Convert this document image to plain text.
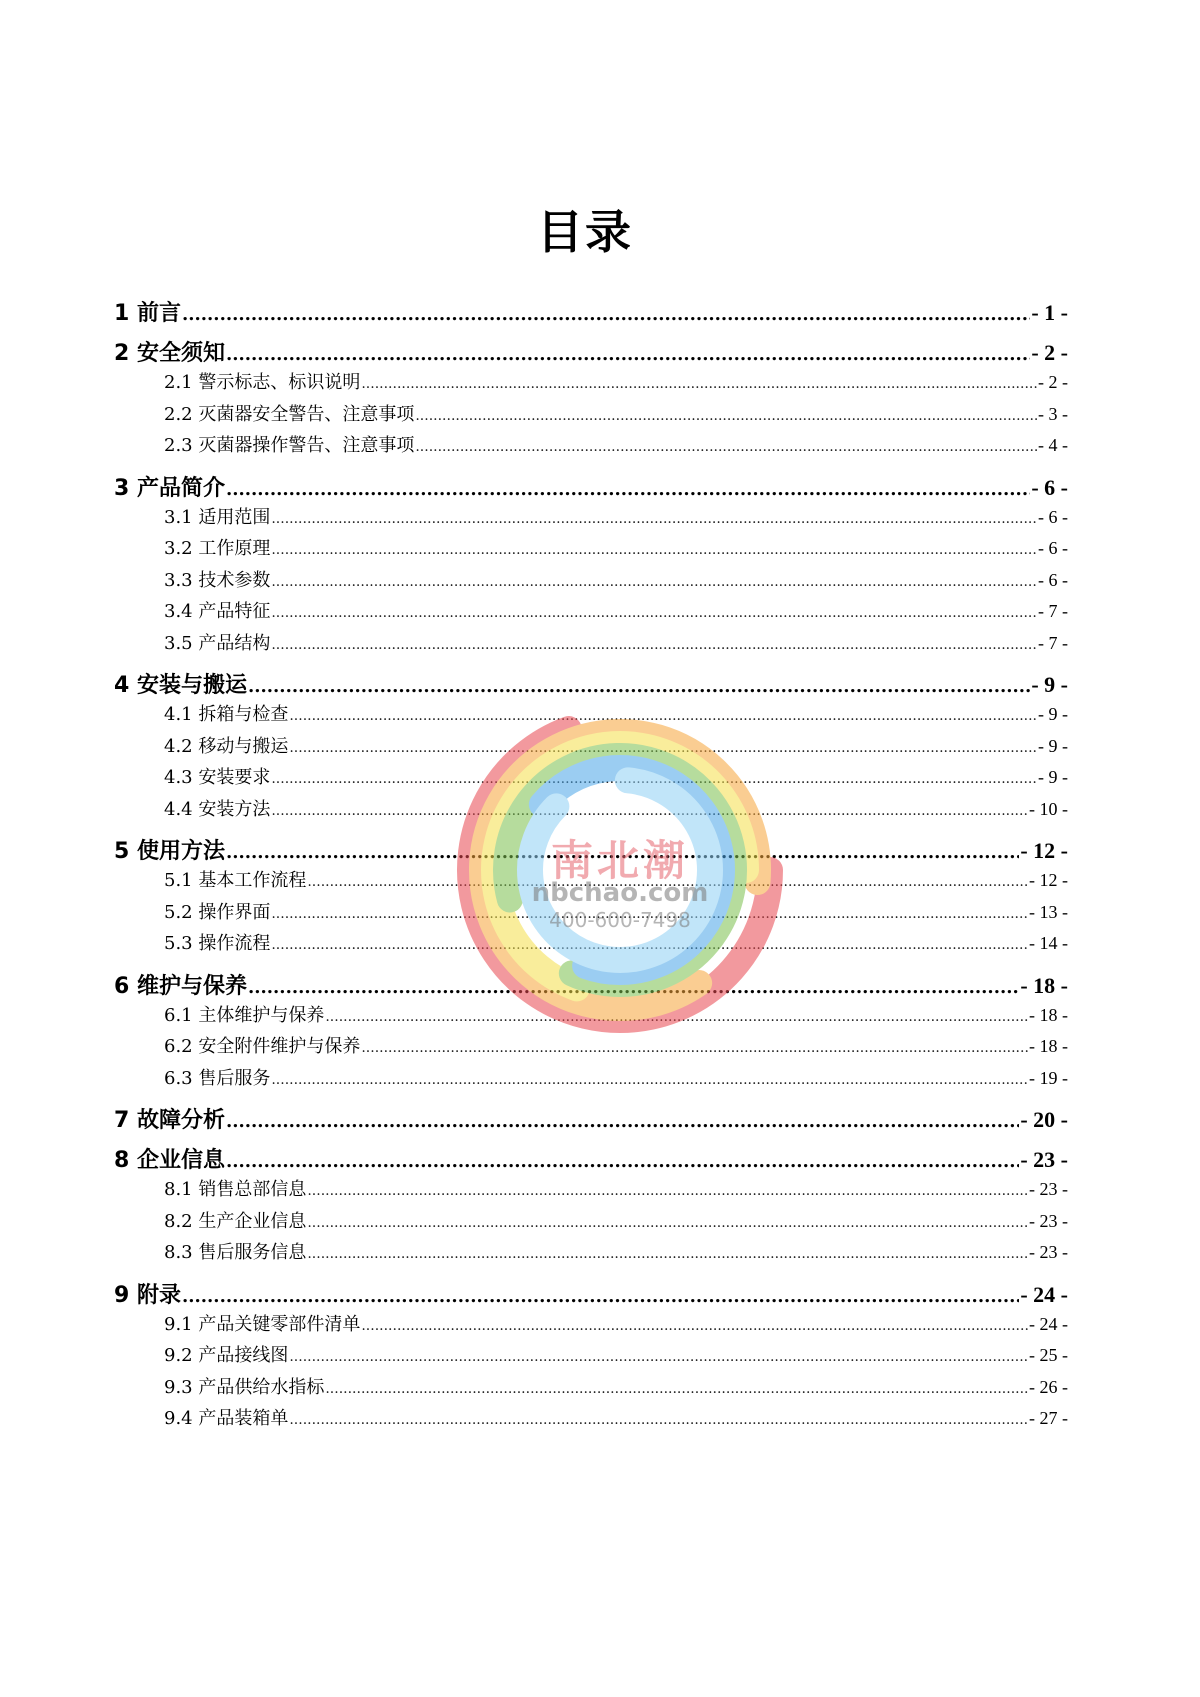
目录
1 前言 .....	- 1 -
2 安全须知 .....	- 2 -
2.1 警示标志、标识说明 .....	- 2 -
2.2 灭菌器安全警告、注意事项 .....	- 3 -
2.3 灭菌器操作警告、注意事项 .....	- 4 -
3 产品简介 .....	- 6 -
3.1 适用范围 .....	- 6 -
3.2 工作原理 .....	- 6 -
3.3 技术参数 .....	- 6 -
3.4 产品特征 .....	- 7 -
3.5 产品结构 .....	- 7 -
4 安装与搬运 .....	- 9 -
4.1 拆箱与检查 .....	- 9 -
4.2 移动与搬运 .....	- 9 -
4.3 安装要求 .....	- 9 -
4.4 安装方法 .....	- 10 -
5 使用方法 .....	- 12 -
5.1 基本工作流程 .....	- 12 -
5.2 操作界面 .....	- 13 -
5.3 操作流程 .....	- 14 -
6 维护与保养 .....	- 18 -
6.1 主体维护与保养 .....	- 18 -
6.2 安全附件维护与保养 .....	- 18 -
6.3 售后服务 .....	- 19 -
7 故障分析 .....	- 20 -
8 企业信息 .....	- 23 -
8.1 销售总部信息 .....	- 23 -
8.2 生产企业信息 .....	- 23 -
8.3 售后服务信息 .....	- 23 -
9 附录 .....	- 24 -
9.1 产品关键零部件清单 .....	- 24 -
9.2 产品接线图 .....	- 25 -
9.3 产品供给水指标 .....	- 26 -
9.4 产品装箱单 .....	- 27 -
南北潮
nbchao.com
400-600-7498
